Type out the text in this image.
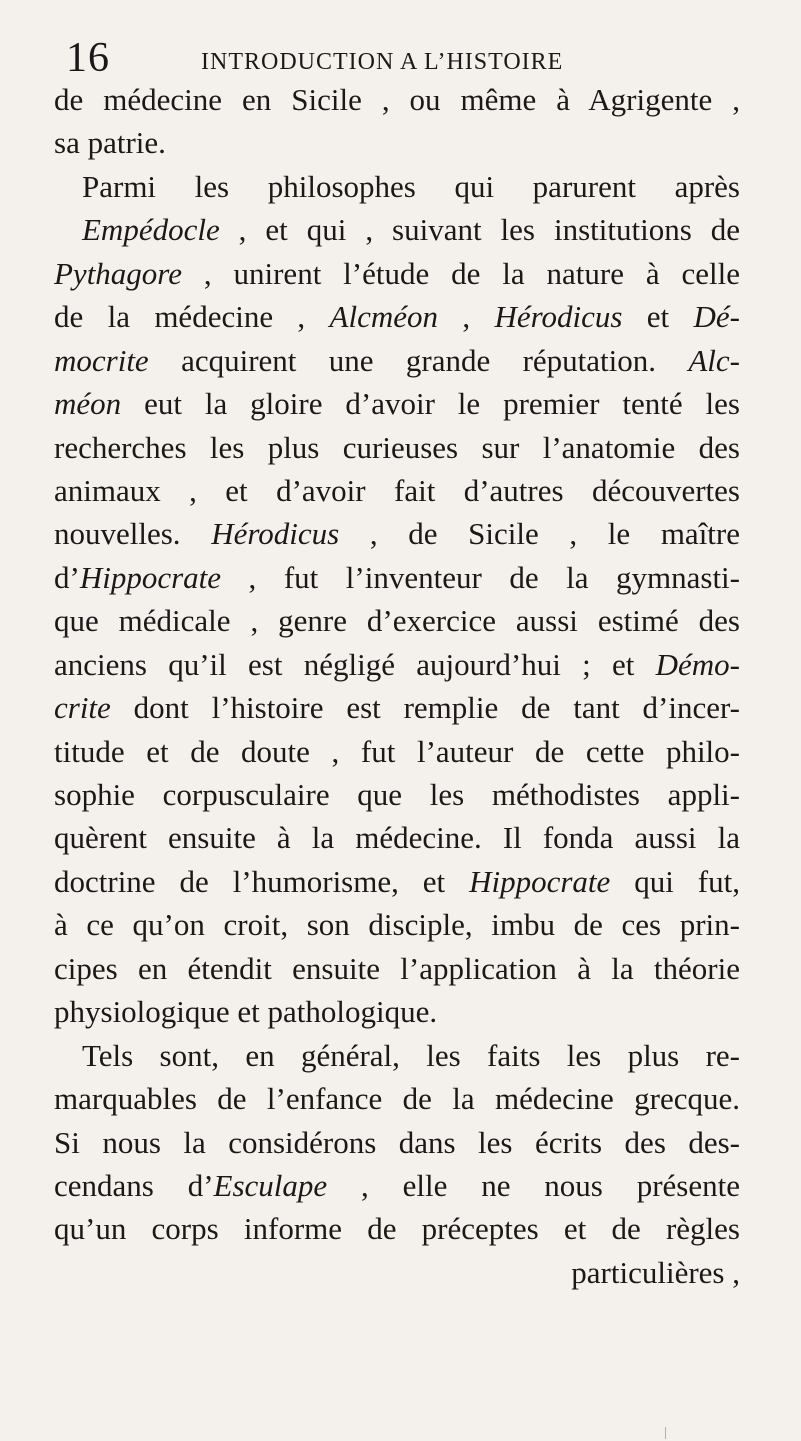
16	INTRODUCTION A L’HISTOIRE
de médecine en Sicile , ou même à Agrigente ,
sa patrie.
Parmi les philosophes qui parurent après
Empédocle , et qui , suivant les institutions de
Pythagore , unirent l’étude de la nature à celle
de la médecine , Alcméon , Hérodicus et Dé-
mocrite acquirent une grande réputation. Alc-
méon eut la gloire d’avoir le premier tenté les
recherches les plus curieuses sur l’anatomie des
animaux , et d’avoir fait d’autres découvertes
nouvelles. Hérodicus , de Sicile , le maître
d’Hippocrate , fut l’inventeur de la gymnasti-
que médicale , genre d’exercice aussi estimé des
anciens qu’il est négligé aujourd’hui ; et Démo-
crite dont l’histoire est remplie de tant d’incer-
titude et de doute , fut l’auteur de cette philo-
sophie corpusculaire que les méthodistes appli-
quèrent ensuite à la médecine. Il fonda aussi la
doctrine de l’humorisme, et Hippocrate qui fut,
à ce qu’on croit, son disciple, imbu de ces prin-
cipes en étendit ensuite l’application à la théorie
physiologique et pathologique.
Tels sont, en général, les faits les plus re-
marquables de l’enfance de la médecine grecque.
Si nous la considérons dans les écrits des des-
cendans d’Esculape , elle ne nous présente
qu’un corps informe de préceptes et de règles
particulières ,
